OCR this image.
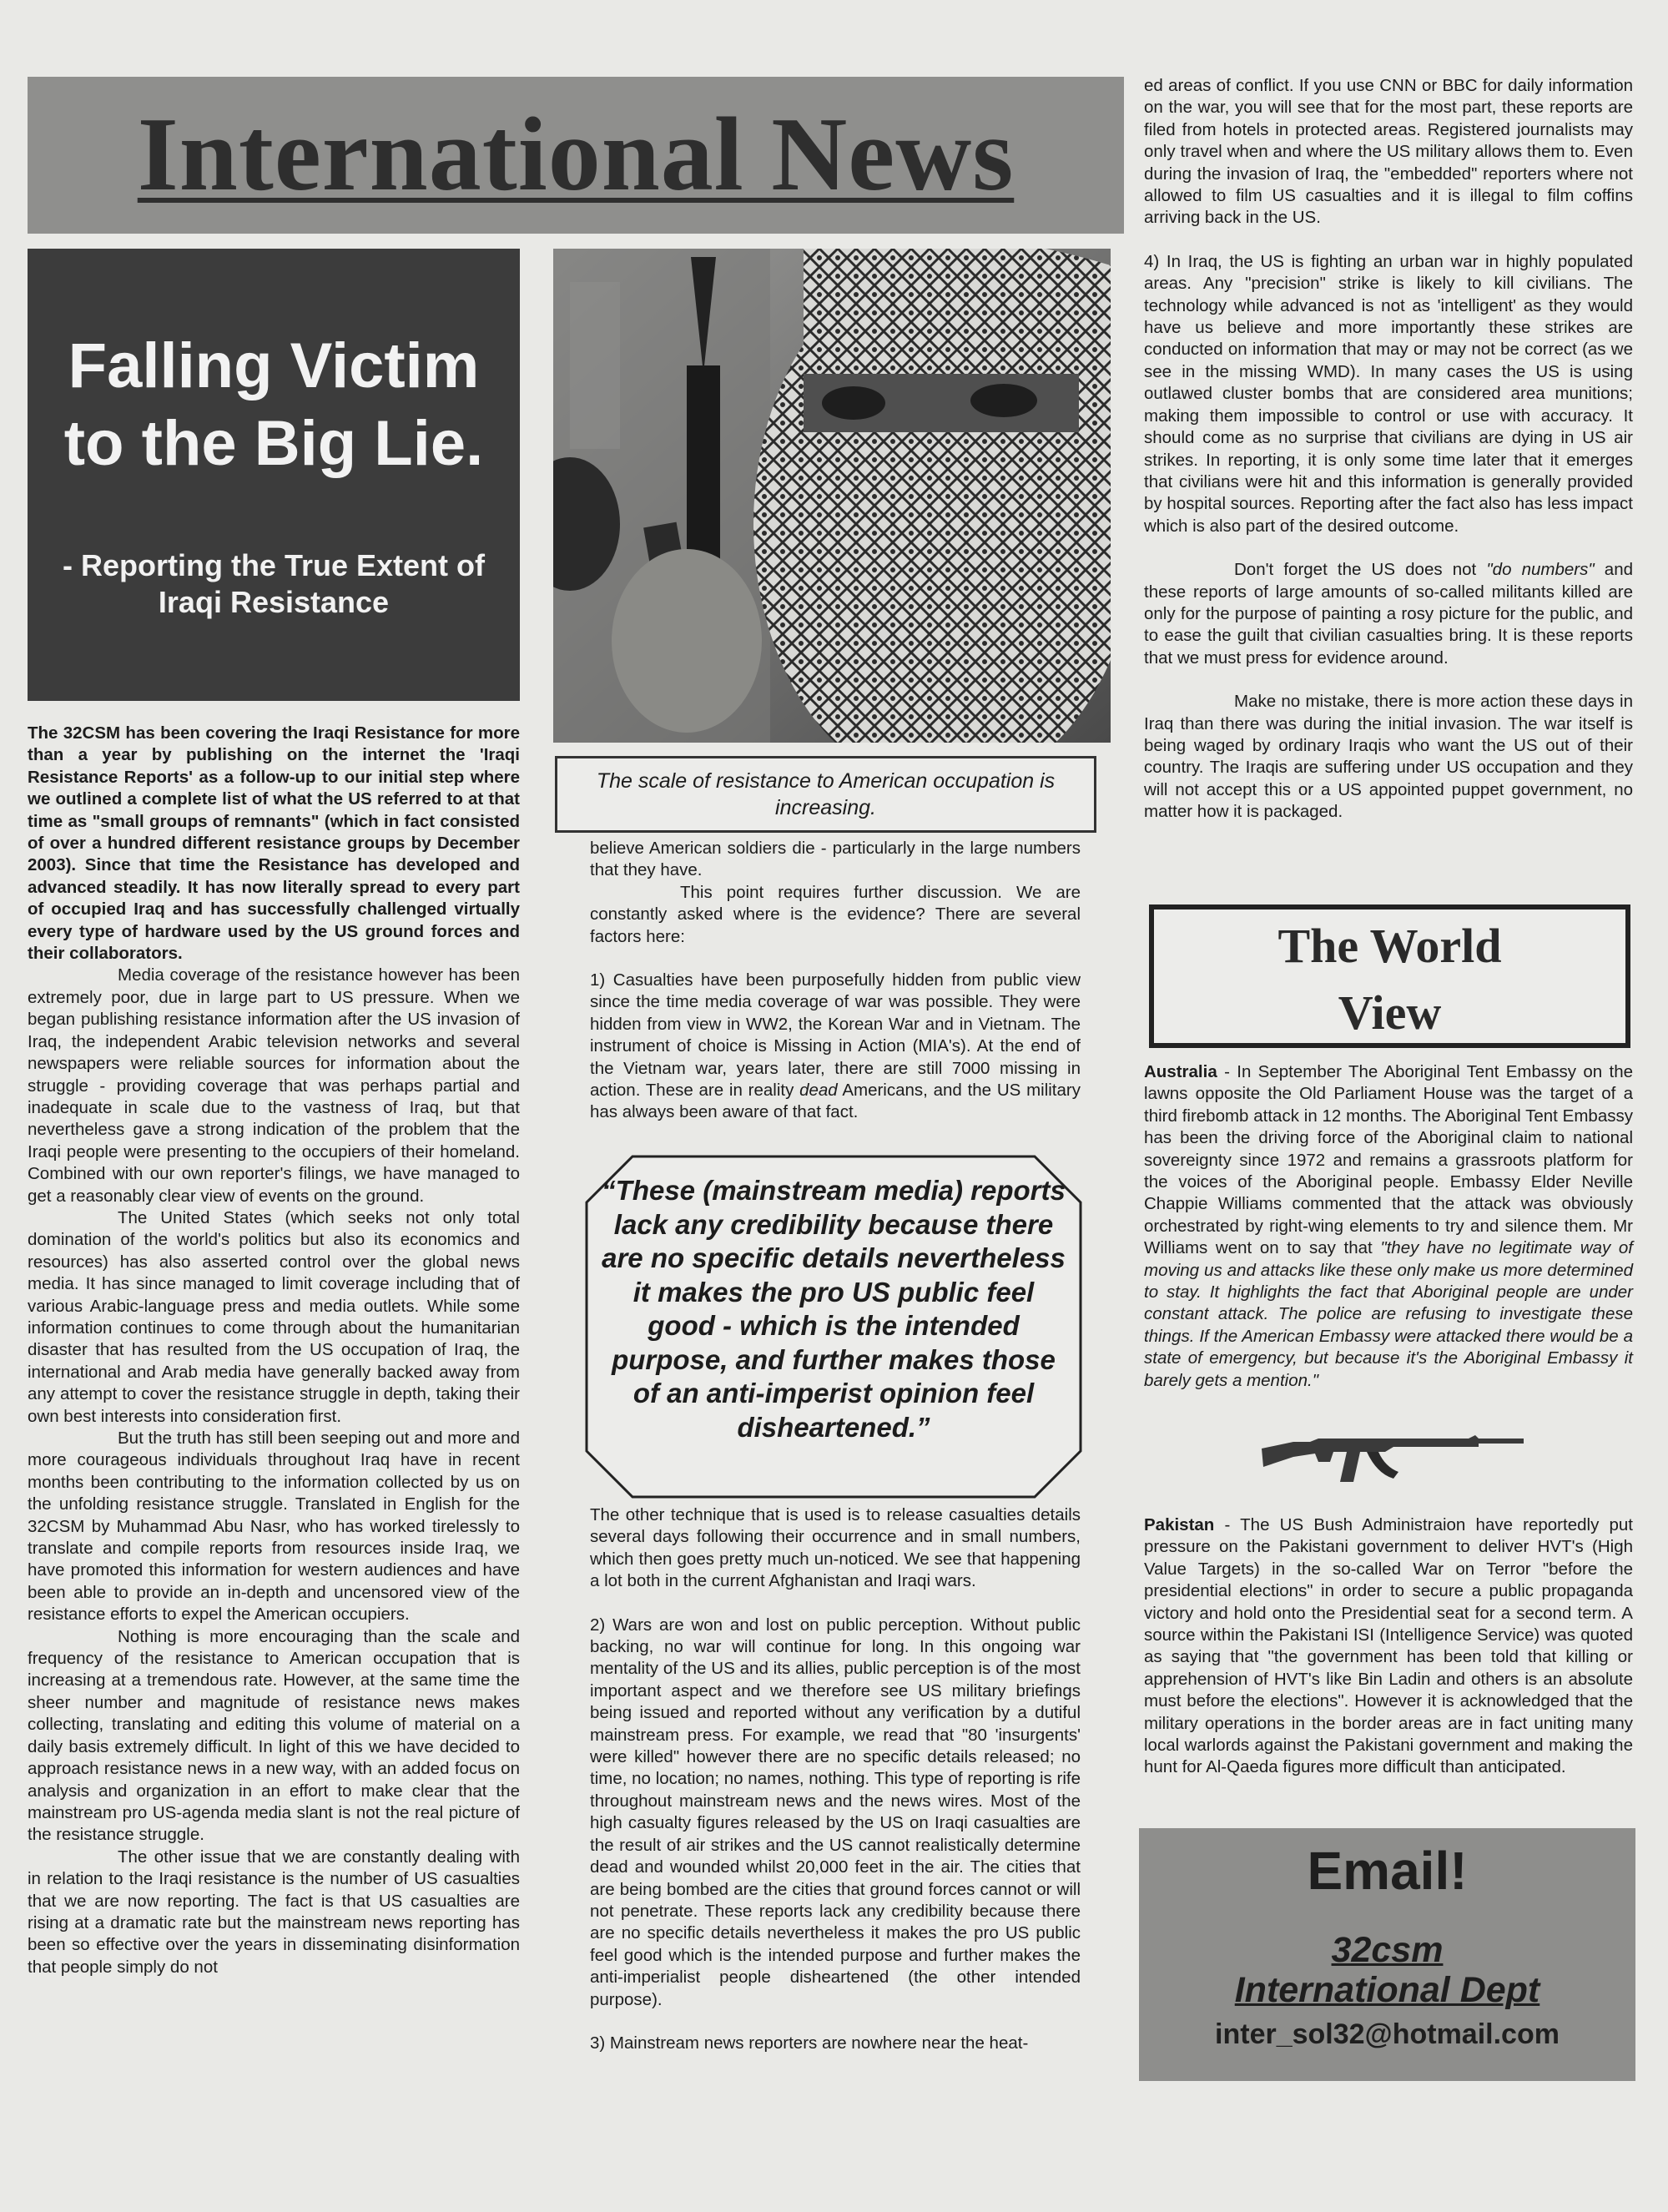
International News
Falling Victim
to the Big Lie.
- Reporting the True Extent of
Iraqi Resistance
The scale of resistance to American occupation is increasing.

The 32CSM has been covering the Iraqi Resistance for more than a year by publishing on the internet the 'Iraqi Resistance Reports' as a follow-up to our initial step where we outlined a complete list of what the US referred to at that time as "small groups of remnants" (which in fact consisted of over a hundred different resistance groups by December 2003). Since that time the Resistance has developed and advanced steadily. It has now literally spread to every part of occupied Iraq and has successfully challenged virtually every type of hardware used by the US ground forces and their collaborators.

Media coverage of the resistance however has been extremely poor, due in large part to US pressure. When we began publishing resistance information after the US invasion of Iraq, the independent Arabic television networks and several newspapers were reliable sources for information about the struggle - providing coverage that was perhaps partial and inadequate in scale due to the vastness of Iraq, but that nevertheless gave a strong indication of the problem that the Iraqi people were presenting to the occupiers of their homeland. Combined with our own reporter's filings, we have managed to get a reasonably clear view of events on the ground.

The United States (which seeks not only total domination of the world's politics but also its economics and resources) has also asserted control over the global news media. It has since managed to limit coverage including that of various Arabic-language press and media outlets. While some information continues to come through about the humanitarian disaster that has resulted from the US occupation of Iraq, the international and Arab media have generally backed away from any attempt to cover the resistance struggle in depth, taking their own best interests into consideration first.

But the truth has still been seeping out and more and more courageous individuals throughout Iraq have in recent months been contributing to the information collected by us on the unfolding resistance struggle. Translated in English for the 32CSM by Muhammad Abu Nasr, who has worked tirelessly to translate and compile reports from resources inside Iraq, we have promoted this information for western audiences and have been able to provide an in-depth and uncensored view of the resistance efforts to expel the American occupiers.

Nothing is more encouraging than the scale and frequency of the resistance to American occupation that is increasing at a tremendous rate. However, at the same time the sheer number and magnitude of resistance news makes collecting, translating and editing this volume of material on a daily basis extremely difficult. In light of this we have decided to approach resistance news in a new way, with an added focus on analysis and organization in an effort to make clear that the mainstream pro US-agenda media slant is not the real picture of the resistance struggle.

The other issue that we are constantly dealing with in relation to the Iraqi resistance is the number of US casualties that we are now reporting. The fact is that US casualties are rising at a dramatic rate but the mainstream news reporting has been so effective over the years in disseminating disinformation that people simply do not

believe American soldiers die - particularly in the large numbers that they have.

This point requires further discussion. We are constantly asked where is the evidence? There are several factors here:

1) Casualties have been purposefully hidden from public view since the time media coverage of war was possible. They were hidden from view in WW2, the Korean War and in Vietnam. The instrument of choice is Missing in Action (MIA's). At the end of the Vietnam war, years later, there are still 7000 missing in action. These are in reality dead Americans, and the US military has always been aware of that fact.

“These (mainstream media) reports lack any credibility because there are no specific details nevertheless it makes the pro US public feel good - which is the intended purpose, and further makes those of an anti-imperist opinion feel disheartened.”

The other technique that is used is to release casualties details several days following their occurrence and in small numbers, which then goes pretty much un-noticed. We see that happening a lot both in the current Afghanistan and Iraqi wars.

2) Wars are won and lost on public perception. Without public backing, no war will continue for long. In this ongoing war mentality of the US and its allies, public perception is of the most important aspect and we therefore see US military briefings being issued and reported without any verification by a dutiful mainstream press. For example, we read that "80 'insurgents' were killed" however there are no specific details released; no time, no location; no names, nothing. This type of reporting is rife throughout mainstream news and the news wires. Most of the high casualty figures released by the US on Iraqi casualties are the result of air strikes and the US cannot realistically determine dead and wounded whilst 20,000 feet in the air. The cities that are being bombed are the cities that ground forces cannot or will not penetrate. These reports lack any credibility because there are no specific details nevertheless it makes the pro US public feel good which is the intended purpose and further makes the anti-imperialist people disheartened (the other intended purpose).

3) Mainstream news reporters are nowhere near the heat-

ed areas of conflict. If you use CNN or BBC for daily information on the war, you will see that for the most part, these reports are filed from hotels in protected areas. Registered journalists may only travel when and where the US military allows them to. Even during the invasion of Iraq, the "embedded" reporters where not allowed to film US casualties and it is illegal to film coffins arriving back in the US.

4) In Iraq, the US is fighting an urban war in highly populated areas. Any "precision" strike is likely to kill civilians. The technology while advanced is not as 'intelligent' as they would have us believe and more importantly these strikes are conducted on information that may or may not be correct (as we see in the missing WMD). In many cases the US is using outlawed cluster bombs that are considered area munitions; making them impossible to control or use with accuracy. It should come as no surprise that civilians are dying in US air strikes. In reporting, it is only some time later that it emerges that civilians were hit and this information is generally provided by hospital sources. Reporting after the fact also has less impact which is also part of the desired outcome.

Don't forget the US does not "do numbers" and these reports of large amounts of so-called militants killed are only for the purpose of painting a rosy picture for the public, and to ease the guilt that civilian casualties bring. It is these reports that we must press for evidence around.

Make no mistake, there is more action these days in Iraq than there was during the initial invasion. The war itself is being waged by ordinary Iraqis who want the US out of their country. The Iraqis are suffering under US occupation and they will not accept this or a US appointed puppet government, no matter how it is packaged.

The World
View

Australia - In September The Aboriginal Tent Embassy on the lawns opposite the Old Parliament House was the target of a third firebomb attack in 12 months. The Aboriginal Tent Embassy has been the driving force of the Aboriginal claim to national sovereignty since 1972 and remains a grassroots platform for the voices of the Aboriginal people. Embassy Elder Neville Chappie Williams commented that the attack was obviously orchestrated by right-wing elements to try and silence them. Mr Williams went on to say that "they have no legitimate way of moving us and attacks like these only make us more determined to stay. It highlights the fact that Aboriginal people are under constant attack. The police are refusing to investigate these things. If the American Embassy were attacked there would be a state of emergency, but because it's the Aboriginal Embassy it barely gets a mention."

Pakistan - The US Bush Administraion have reportedly put pressure on the Pakistani government to deliver HVT's (High Value Targets) in the so-called War on Terror "before the presidential elections" in order to secure a public propaganda victory and hold onto the Presidential seat for a second term. A source within the Pakistani ISI (Intelligence Service) was quoted as saying that "the government has been told that killing or apprehension of HVT's like Bin Ladin and others is an absolute must before the elections". However it is acknowledged that the military operations in the border areas are in fact uniting many local warlords against the Pakistani government and making the hunt for Al-Qaeda figures more difficult than anticipated.

Email!
32csm
International Dept
inter_sol32@hotmail.com
